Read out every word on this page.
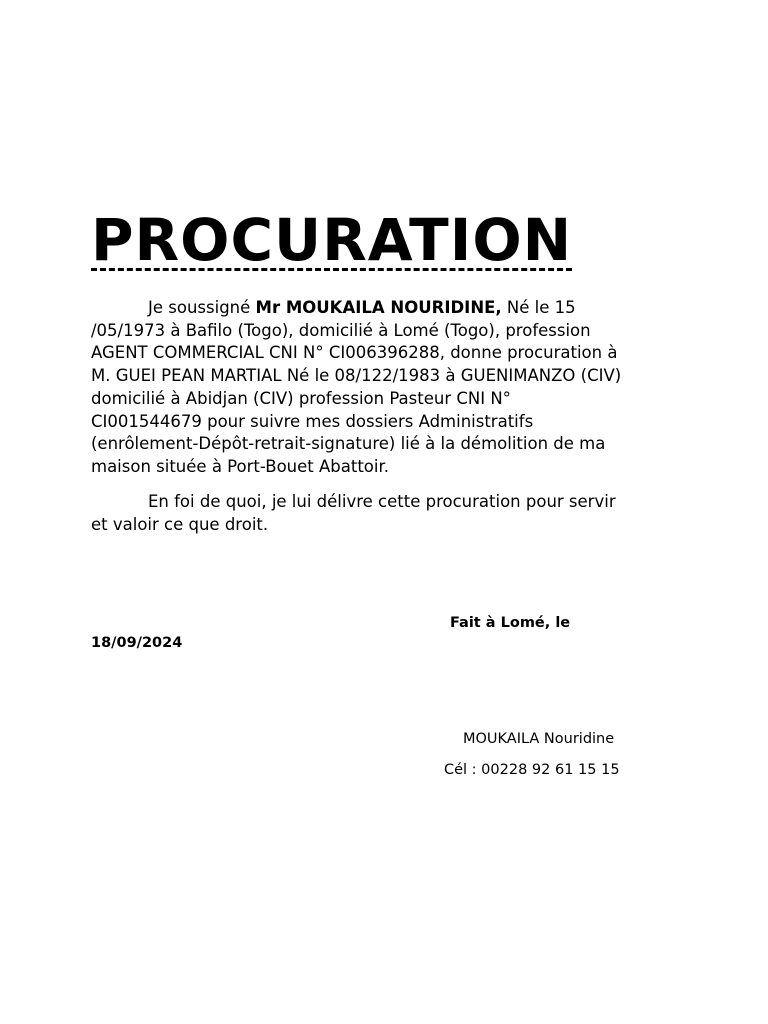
PROCURATION

Je soussigné Mr MOUKAILA NOURIDINE, Né le 15
/05/1973 à Bafilo (Togo), domicilié à Lomé (Togo), profession
AGENT COMMERCIAL CNI N° CI006396288, donne procuration à
M. GUEI PEAN MARTIAL Né le 08/122/1983 à GUENIMANZO (CIV)
domicilié à Abidjan (CIV) profession Pasteur CNI N°
CI001544679 pour suivre mes dossiers Administratifs
(enrôlement-Dépôt-retrait-signature) lié à la démolition de ma
maison située à Port-Bouet Abattoir.

En foi de quoi, je lui délivre cette procuration pour servir
et valoir ce que droit.

Fait à Lomé, le

18/09/2024

MOUKAILA Nouridine

Cél : 00228 92 61 15 15
